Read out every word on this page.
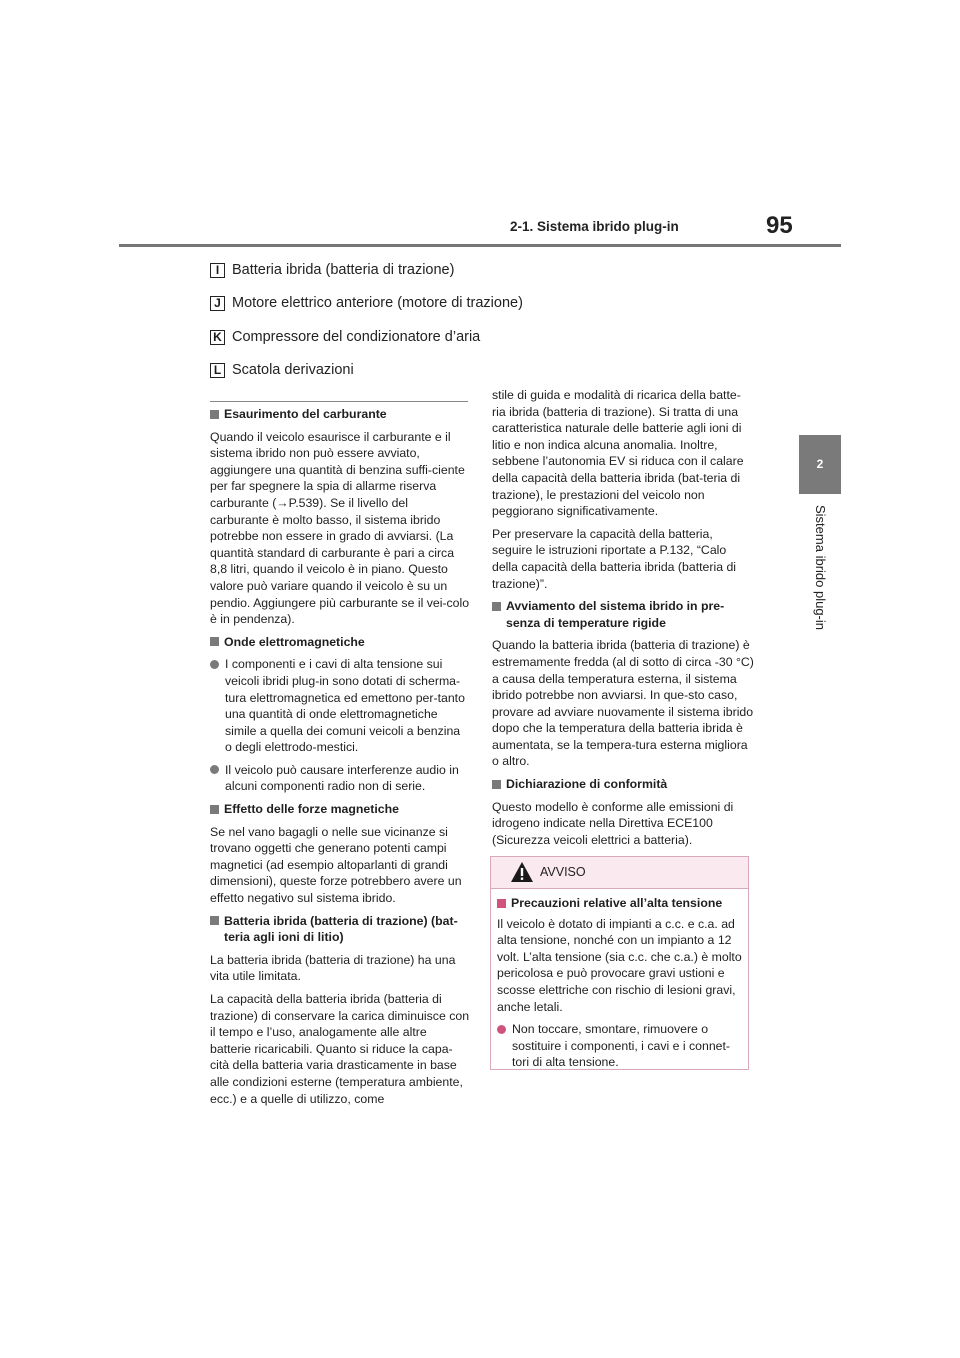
2-1. Sistema ibrido plug-in	95
2
Sistema ibrido plug-in
I Batteria ibrida (batteria di trazione)
J Motore elettrico anteriore (motore di trazione)
K Compressore del condizionatore d’aria
L Scatola derivazioni
Esaurimento del carburante

Quando il veicolo esaurisce il carburante e il sistema ibrido non può essere avviato, aggiungere una quantità di benzina suffi-ciente per far spegnere la spia di allarme riserva carburante (→P.539). Se il livello del carburante è molto basso, il sistema ibrido potrebbe non essere in grado di avviarsi. (La quantità standard di carburante è pari a circa 8,8 litri, quando il veicolo è in piano. Questo valore può variare quando il veicolo è su un pendio. Aggiungere più carburante se il vei-colo è in pendenza).

Onde elettromagnetiche
I componenti e i cavi di alta tensione sui veicoli ibridi plug-in sono dotati di scherma-tura elettromagnetica ed emettono per-tanto una quantità di onde elettromagnetiche simile a quella dei comuni veicoli a benzina o degli elettrodo-mestici.
Il veicolo può causare interferenze audio in alcuni componenti radio non di serie.
Effetto delle forze magnetiche

Se nel vano bagagli o nelle sue vicinanze si trovano oggetti che generano potenti campi magnetici (ad esempio altoparlanti di grandi dimensioni), queste forze potrebbero avere un effetto negativo sul sistema ibrido.

Batteria ibrida (batteria di trazione) (bat-teria agli ioni di litio)

La batteria ibrida (batteria di trazione) ha una vita utile limitata.

La capacità della batteria ibrida (batteria di trazione) di conservare la carica diminuisce con il tempo e l’uso, analogamente alle altre batterie ricaricabili. Quanto si riduce la capa-cità della batteria varia drasticamente in base alle condizioni esterne (temperatura ambiente, ecc.) e a quelle di utilizzo, come

stile di guida e modalità di ricarica della batte-ria ibrida (batteria di trazione). Si tratta di una caratteristica naturale delle batterie agli ioni di litio e non indica alcuna anomalia. Inoltre, sebbene l’autonomia EV si riduca con il calare della capacità della batteria ibrida (bat-teria di trazione), le prestazioni del veicolo non peggiorano significativamente.

Per preservare la capacità della batteria, seguire le istruzioni riportate a P.132, “Calo della capacità della batteria ibrida (batteria di trazione)”.

Avviamento del sistema ibrido in pre-senza di temperature rigide

Quando la batteria ibrida (batteria di trazione) è estremamente fredda (al di sotto di circa -30 °C) a causa della temperatura esterna, il sistema ibrido potrebbe non avviarsi. In que-sto caso, provare ad avviare nuovamente il sistema ibrido dopo che la temperatura della batteria ibrida è aumentata, se la tempera-tura esterna migliora o altro.

Dichiarazione di conformità

Questo modello è conforme alle emissioni di idrogeno indicate nella Direttiva ECE100 (Sicurezza veicoli elettrici a batteria).

AVVISO
Precauzioni relative all’alta tensione

Il veicolo è dotato di impianti a c.c. e c.a. ad alta tensione, nonché con un impianto a 12 volt. L’alta tensione (sia c.c. che c.a.) è molto pericolosa e può provocare gravi ustioni e scosse elettriche con rischio di lesioni gravi, anche letali.

Non toccare, smontare, rimuovere o sostituire i componenti, i cavi e i connet-tori di alta tensione.
